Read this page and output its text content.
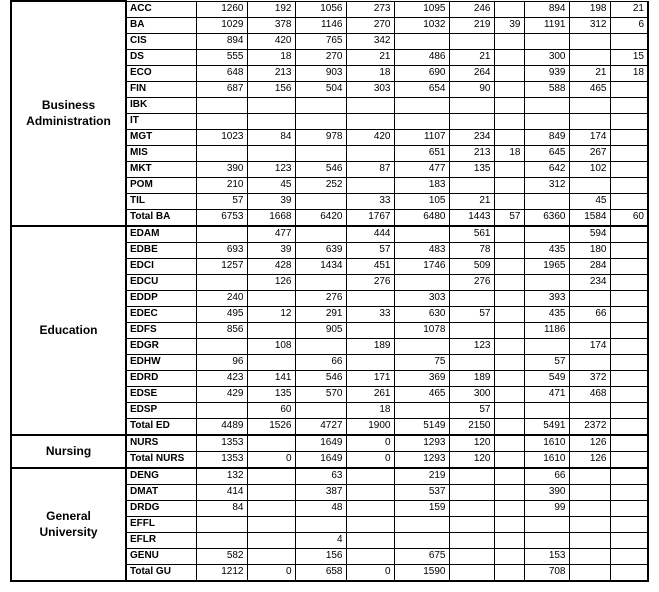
Business
Administration	ACC	1260	192	1056	273	1095	246		894	198	21
	BA	1029	378	1146	270	1032	219	39	1191	312	6
	CIS	894	420	765	342						
	DS	555	18	270	21	486	21		300		15
	ECO	648	213	903	18	690	264		939	21	18
	FIN	687	156	504	303	654	90		588	465	
	IBK										
	IT										
	MGT	1023	84	978	420	1107	234		849	174	
	MIS					651	213	18	645	267	
	MKT	390	123	546	87	477	135		642	102	
	POM	210	45	252		183			312		
	TIL	57	39		33	105	21			45	
	Total BA	6753	1668	6420	1767	6480	1443	57	6360	1584	60
Education	EDAM		477		444		561			594	
	EDBE	693	39	639	57	483	78		435	180	
	EDCI	1257	428	1434	451	1746	509		1965	284	
	EDCU		126		276		276			234	
	EDDP	240		276		303			393		
	EDEC	495	12	291	33	630	57		435	66	
	EDFS	856		905		1078			1186		
	EDGR		108		189		123			174	
	EDHW	96		66		75			57		
	EDRD	423	141	546	171	369	189		549	372	
	EDSE	429	135	570	261	465	300		471	468	
	EDSP		60		18		57				
	Total ED	4489	1526	4727	1900	5149	2150		5491	2372	
Nursing	NURS	1353		1649	0	1293	120		1610	126	
	Total NURS	1353	0	1649	0	1293	120		1610	126	
General
University	DENG	132		63		219			66		
	DMAT	414		387		537			390		
	DRDG	84		48		159			99		
	EFFL										
	EFLR			4							
	GENU	582		156		675			153		
	Total GU	1212	0	658	0	1590			708		
